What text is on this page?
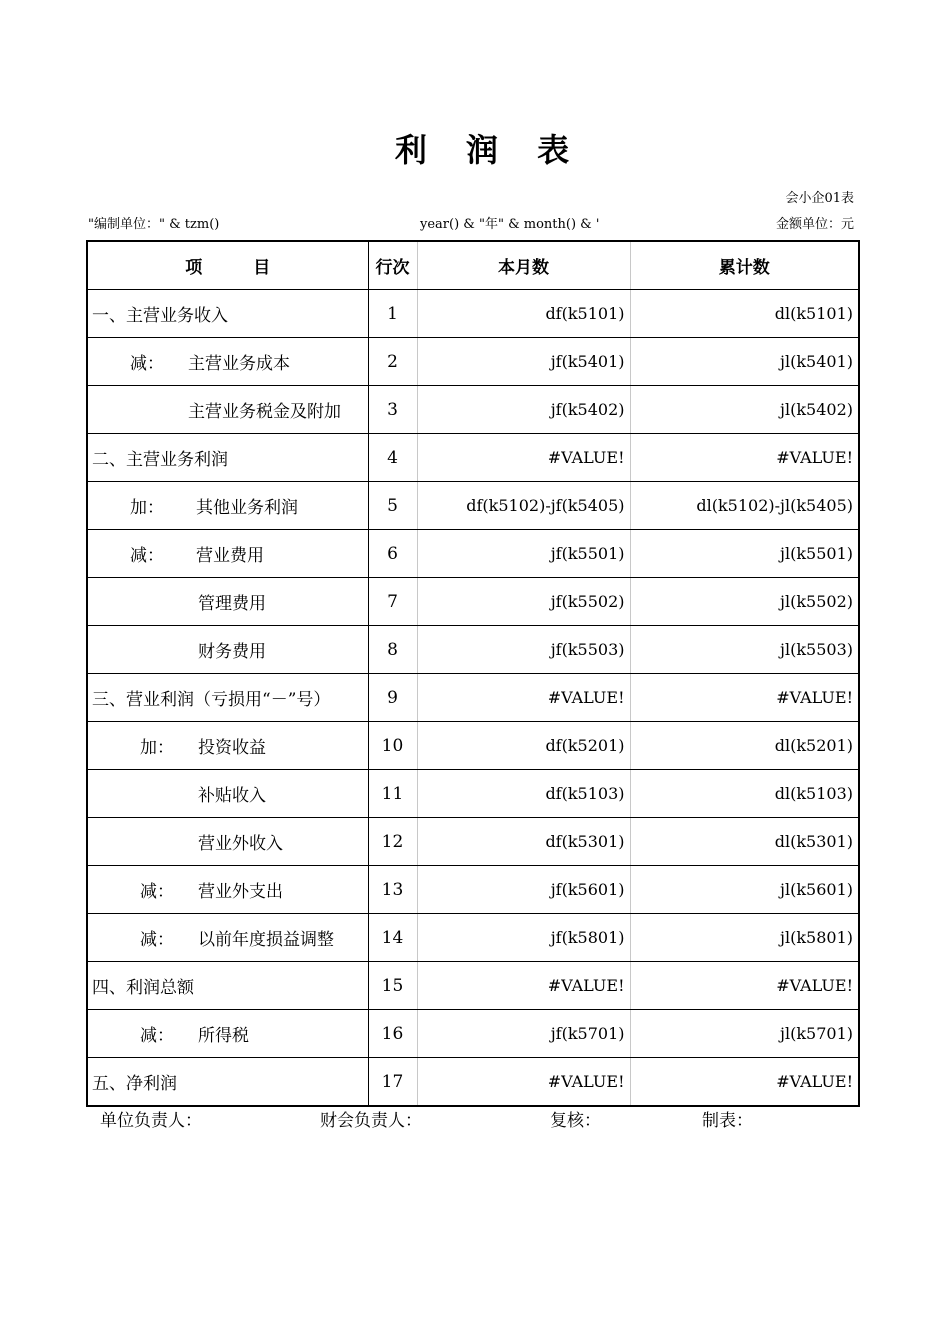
利 润 表
会小企01表
"编制单位：" & tzm()	year() & "年" & month() & '	金额单位：元
项　　　目	行次	本月数	累计数
一、主营业务收入	1	df(k5101)	dl(k5101)
减： 主营业务成本	2	jf(k5401)	jl(k5401)
主营业务税金及附加	3	jf(k5402)	jl(k5402)
二、主营业务利润	4	#VALUE!	#VALUE!
加： 其他业务利润	5	df(k5102)-jf(k5405)	dl(k5102)-jl(k5405)
减： 营业费用	6	jf(k5501)	jl(k5501)
管理费用	7	jf(k5502)	jl(k5502)
财务费用	8	jf(k5503)	jl(k5503)
三、营业利润（亏损用“－”号）	9	#VALUE!	#VALUE!
加： 投资收益	10	df(k5201)	dl(k5201)
补贴收入	11	df(k5103)	dl(k5103)
营业外收入	12	df(k5301)	dl(k5301)
减： 营业外支出	13	jf(k5601)	jl(k5601)
减： 以前年度损益调整	14	jf(k5801)	jl(k5801)
四、利润总额	15	#VALUE!	#VALUE!
减： 所得税	16	jf(k5701)	jl(k5701)
五、净利润	17	#VALUE!	#VALUE!
单位负责人：	财会负责人：	复核：	制表：
